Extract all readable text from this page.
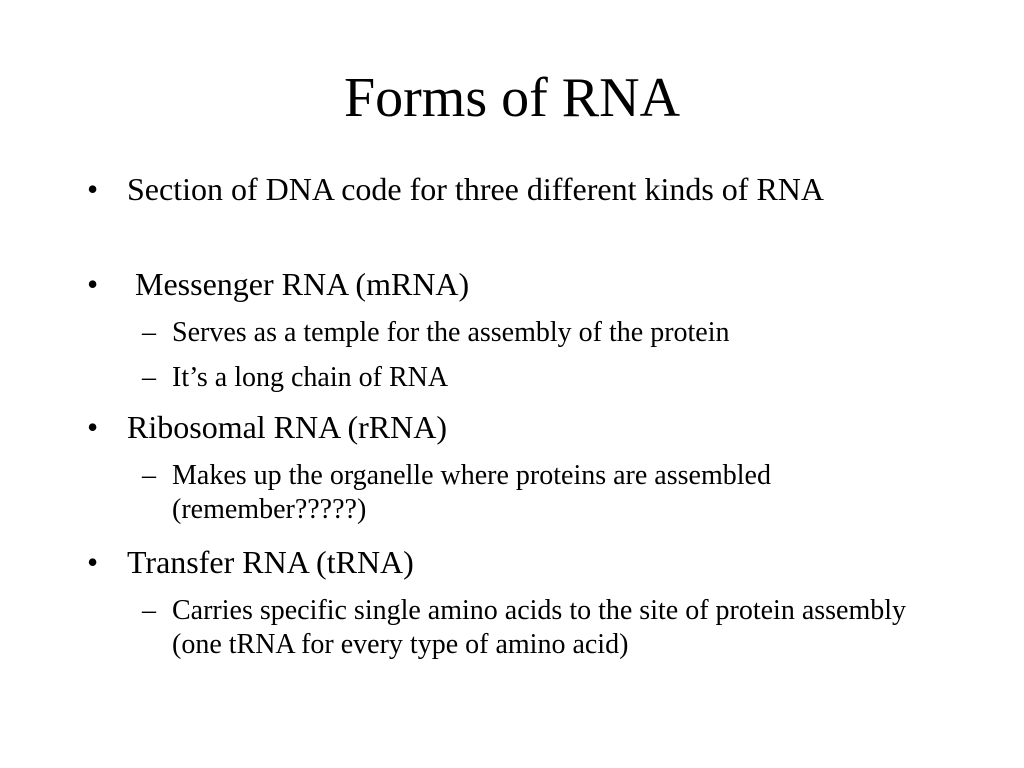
Forms of RNA
• Section of DNA code for three different kinds of RNA
• Messenger RNA (mRNA)
– Serves as a temple for the assembly of the protein
– It’s a long chain of RNA
• Ribosomal RNA (rRNA)
– Makes up the organelle where proteins are assembled (remember?????)
• Transfer RNA (tRNA)
– Carries specific single amino acids to the site of protein assembly (one tRNA for every type of amino acid)
